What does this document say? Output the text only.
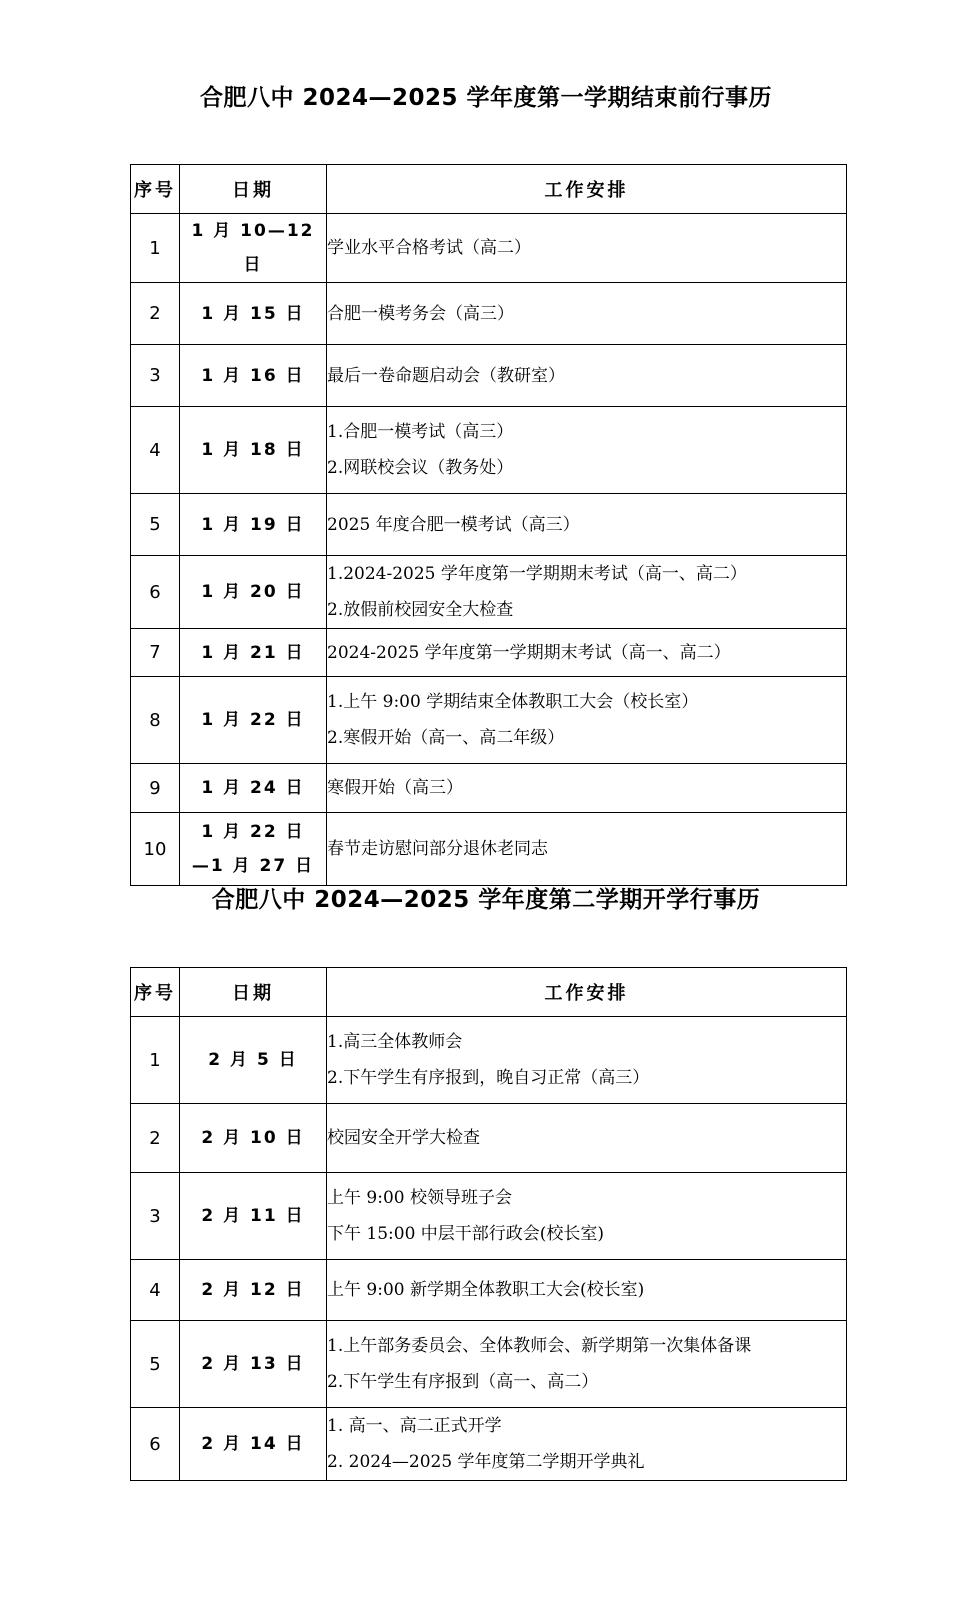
合肥八中 2024—2025 学年度第一学期结束前行事历
序号	日期	工作安排
1	1 月 10—12 日	学业水平合格考试（高二）

2	1 月 15 日	合肥一模考务会（高三）

3	1 月 16 日	最后一卷命题启动会（教研室）

4	1 月 18 日	1.合肥一模考试（高三）
2.网联校会议（教务处）

5	1 月 19 日	2025 年度合肥一模考试（高三）

6	1 月 20 日	1.2024-2025 学年度第一学期期末考试（高一、高二）
2.放假前校园安全大检查

7	1 月 21 日	2024-2025 学年度第一学期期末考试（高一、高二）

8	1 月 22 日	1.上午 9:00 学期结束全体教职工大会（校长室）
2.寒假开始（高一、高二年级）

9	1 月 24 日	寒假开始（高三）

10	1 月 22 日
—1 月 27 日	春节走访慰问部分退休老同志
合肥八中 2024—2025 学年度第二学期开学行事历
序号	日期	工作安排
1	2 月 5 日	1.高三全体教师会
2.下午学生有序报到，晚自习正常（高三）

2	2 月 10 日	校园安全开学大检查

3	2 月 11 日	上午 9:00 校领导班子会
下午 15:00 中层干部行政会(校长室)

4	2 月 12 日	上午 9:00 新学期全体教职工大会(校长室)

5	2 月 13 日	1.上午部务委员会、全体教师会、新学期第一次集体备课
2.下午学生有序报到（高一、高二）

6	2 月 14 日	1. 高一、高二正式开学
2. 2024—2025 学年度第二学期开学典礼
